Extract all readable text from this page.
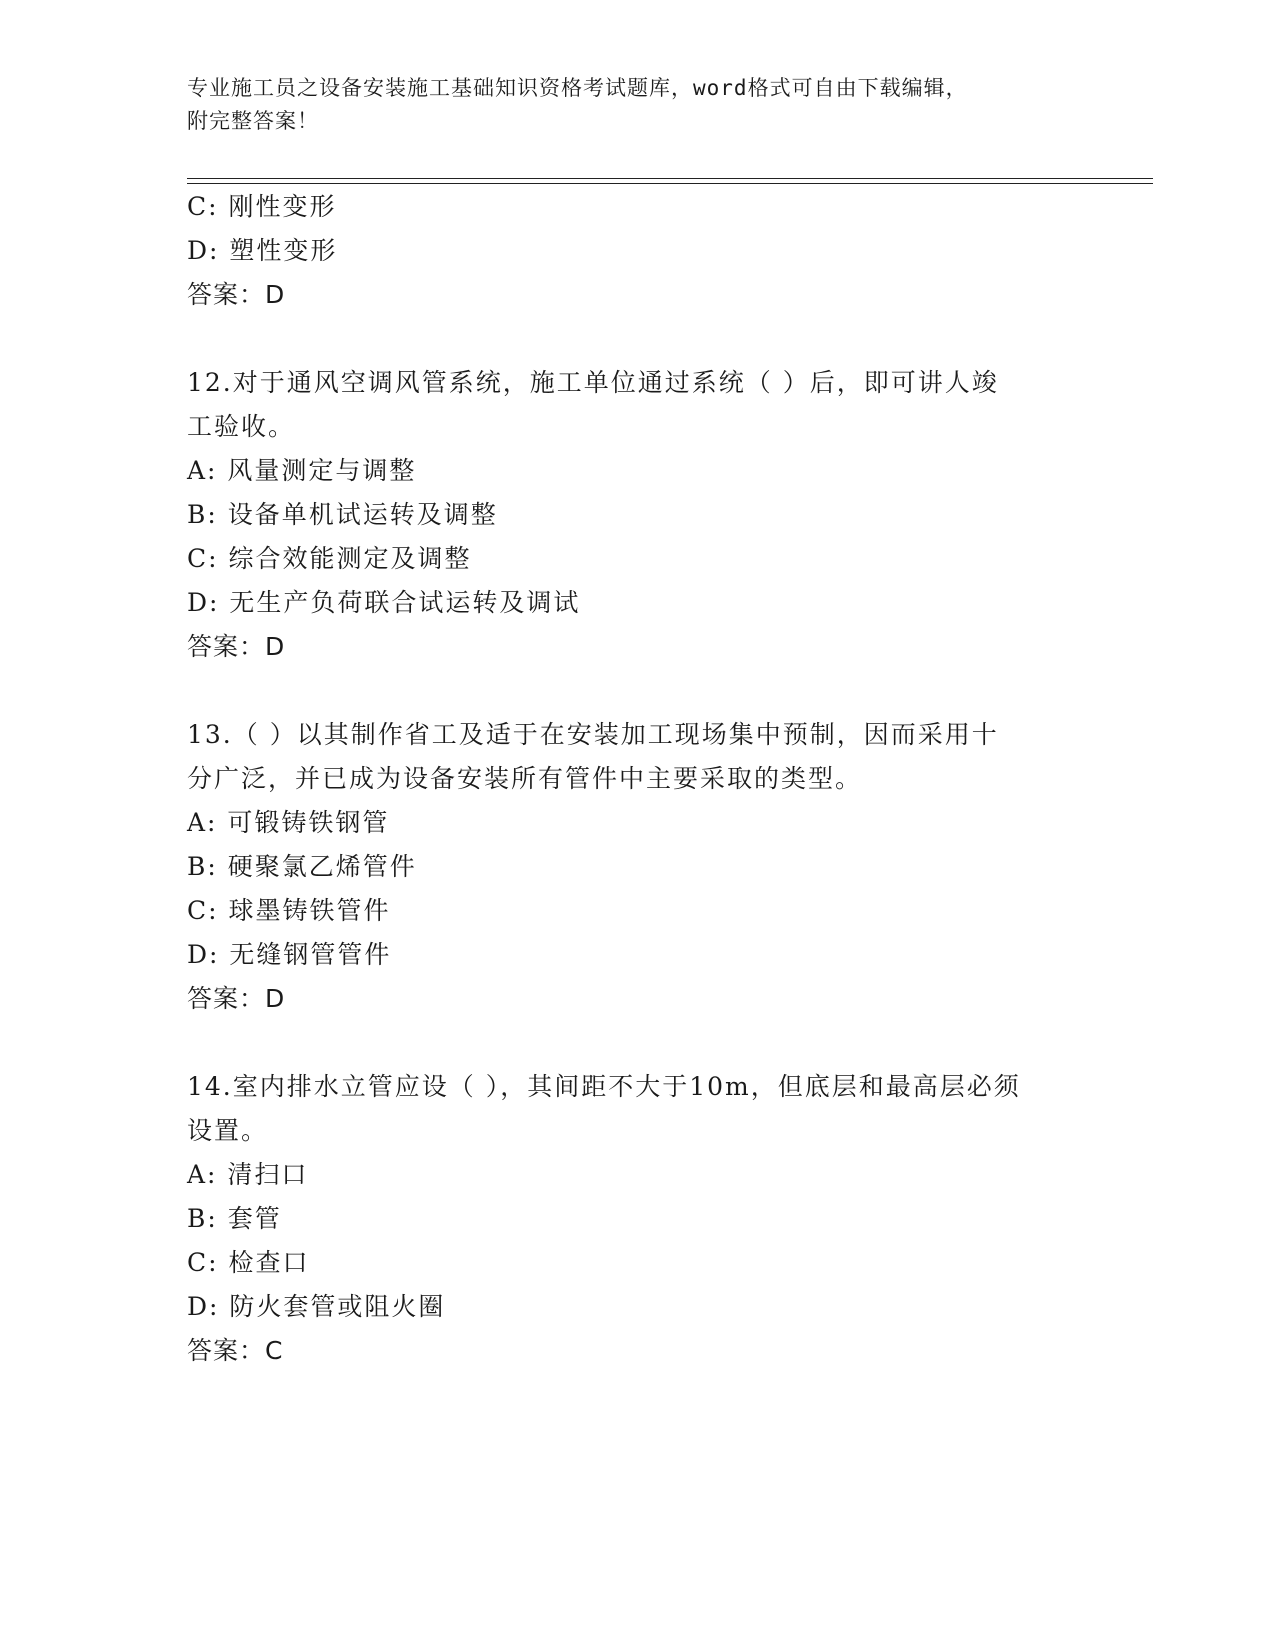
专业施工员之设备安装施工基础知识资格考试题库，word格式可自由下载编辑，
附完整答案！
C: 刚性变形
D: 塑性变形
答案：D
12.对于通风空调风管系统，施工单位通过系统（ ）后，即可讲人竣
工验收。
A: 风量测定与调整
B: 设备单机试运转及调整
C: 综合效能测定及调整
D: 无生产负荷联合试运转及调试
答案：D
13.（ ）以其制作省工及适于在安装加工现场集中预制，因而采用十
分广泛，并已成为设备安装所有管件中主要采取的类型。
A: 可锻铸铁钢管
B: 硬聚氯乙烯管件
C: 球墨铸铁管件
D: 无缝钢管管件
答案：D
14.室内排水立管应设（ ），其间距不大于10m，但底层和最高层必须
设置。
A: 清扫口
B: 套管
C: 检查口
D: 防火套管或阻火圈
答案：C
